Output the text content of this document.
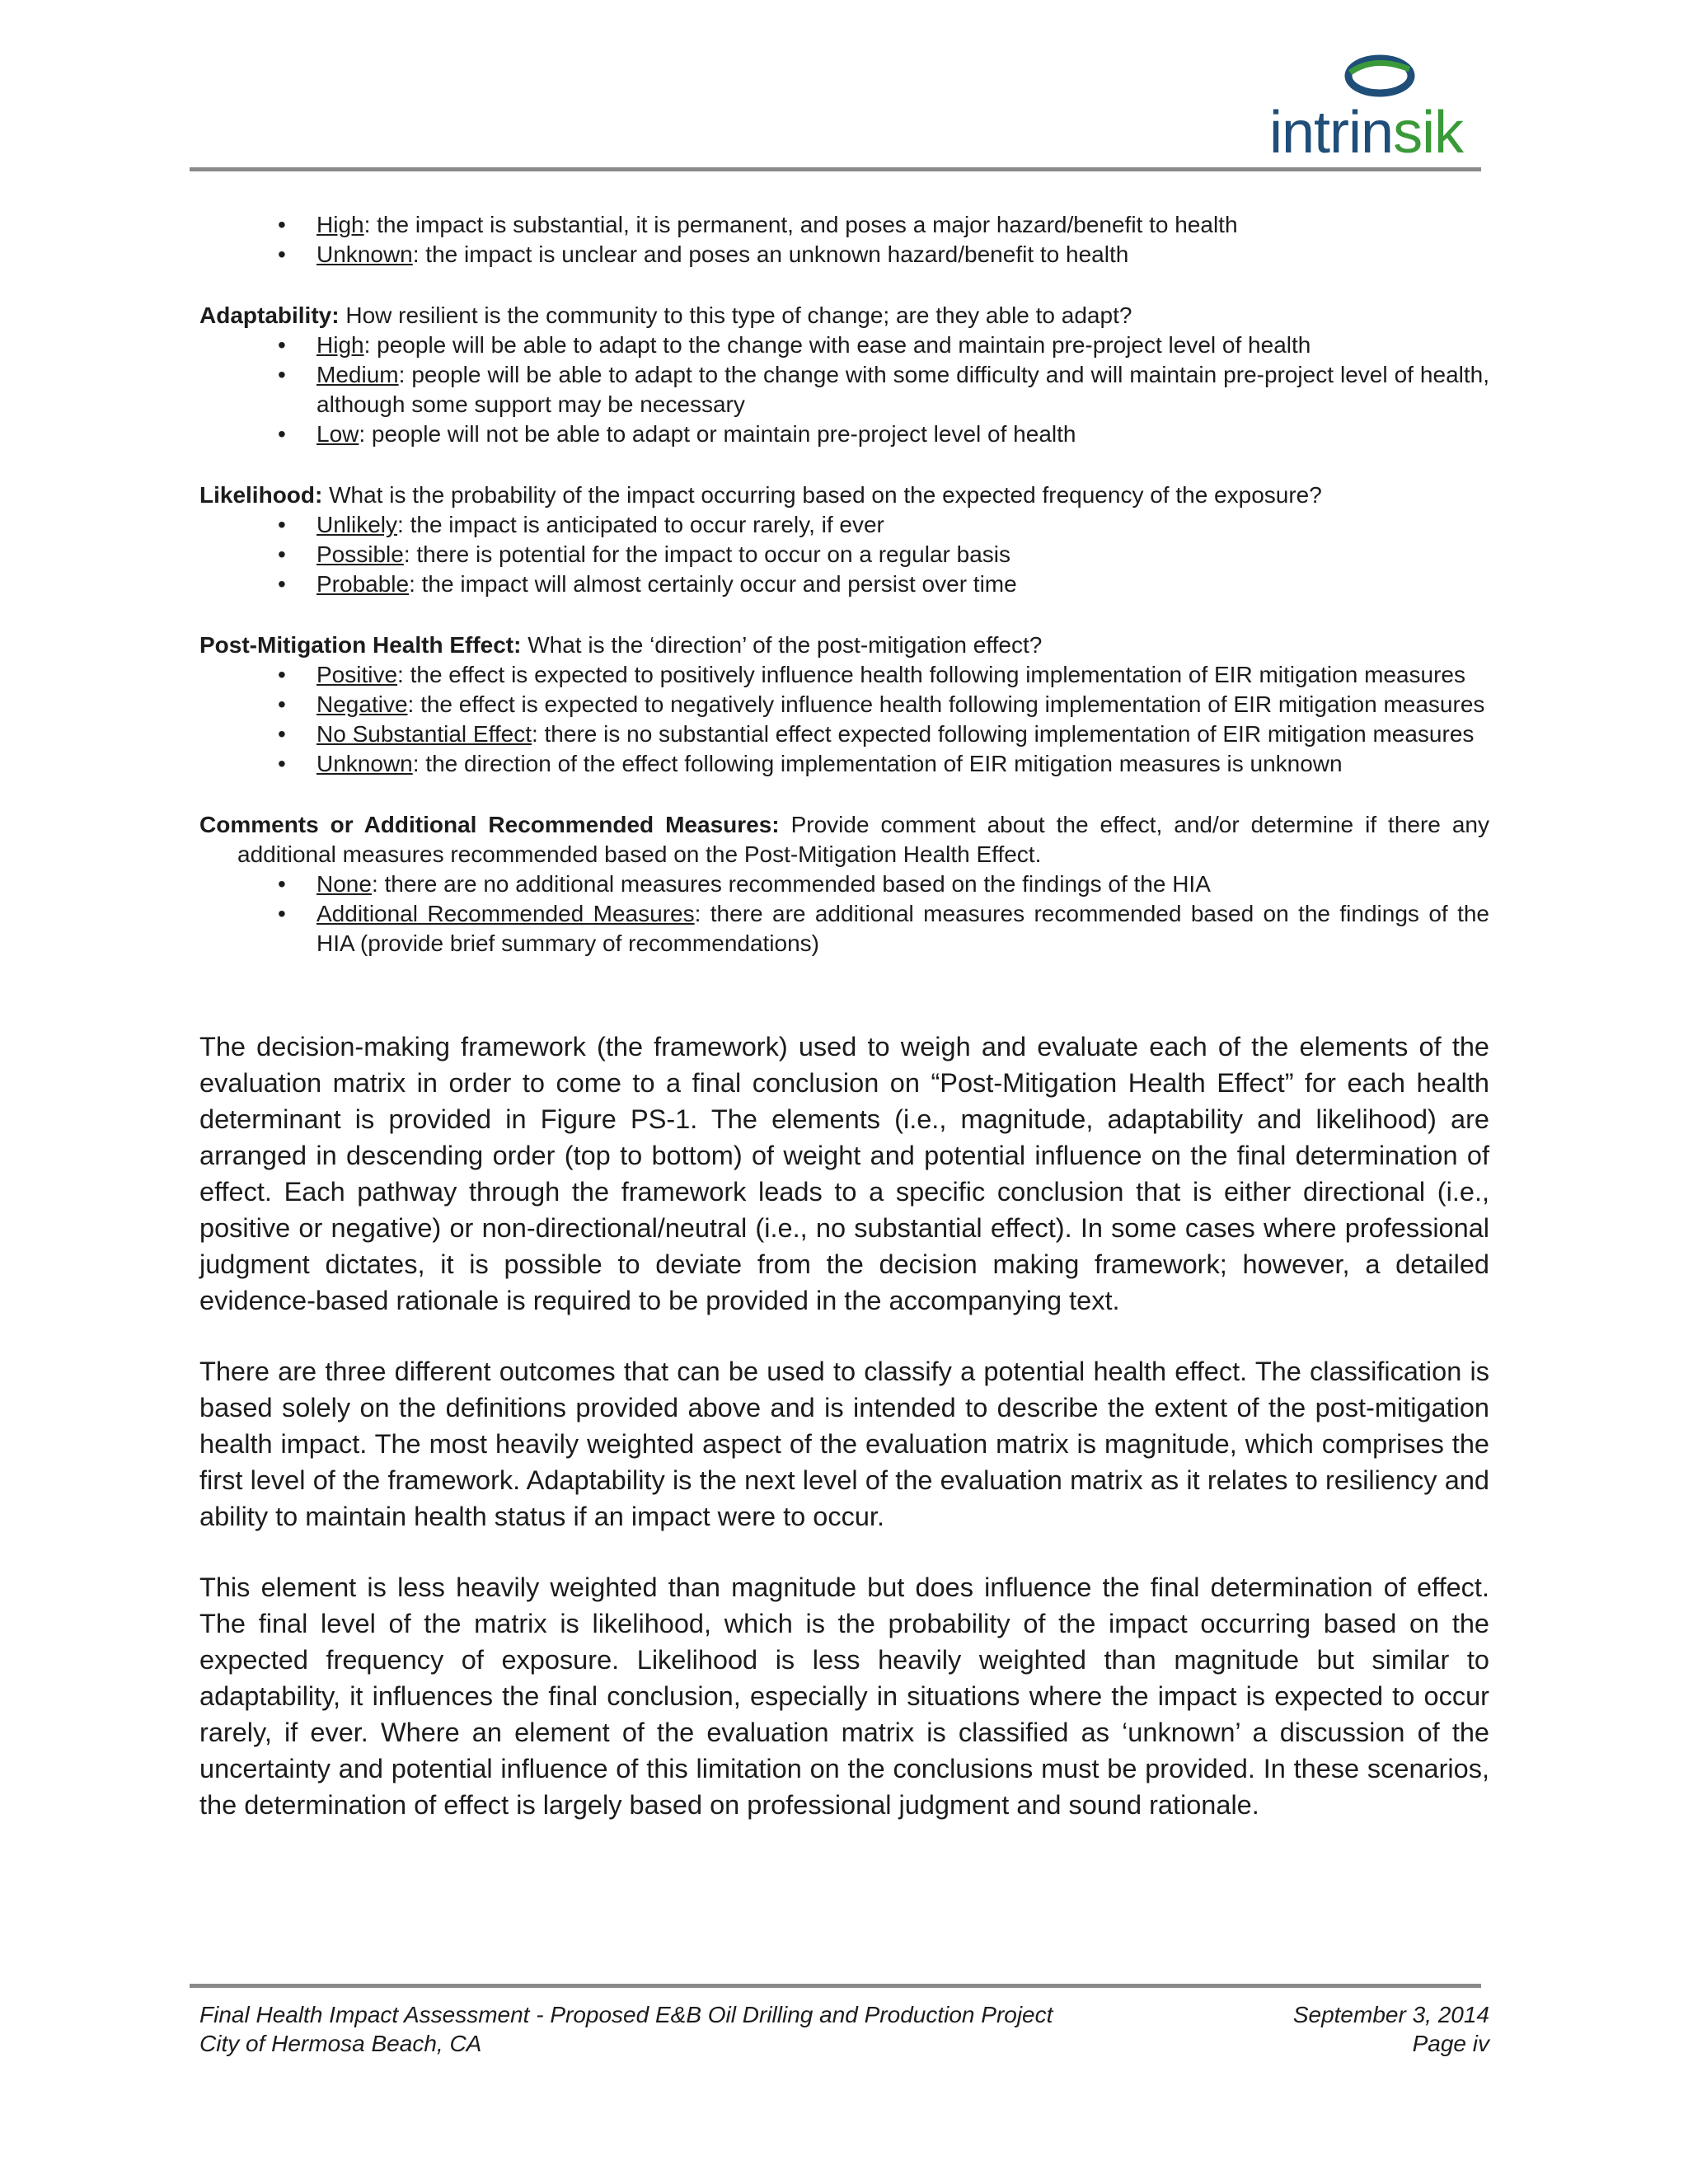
intrinsik
• High: the impact is substantial, it is permanent, and poses a major hazard/benefit to health
• Unknown: the impact is unclear and poses an unknown hazard/benefit to health
Adaptability: How resilient is the community to this type of change; are they able to adapt?
• High: people will be able to adapt to the change with ease and maintain pre-project level of health
• Medium: people will be able to adapt to the change with some difficulty and will maintain pre-project level of health, although some support may be necessary
• Low: people will not be able to adapt or maintain pre-project level of health
Likelihood: What is the probability of the impact occurring based on the expected frequency of the exposure?
• Unlikely: the impact is anticipated to occur rarely, if ever
• Possible: there is potential for the impact to occur on a regular basis
• Probable: the impact will almost certainly occur and persist over time
Post-Mitigation Health Effect: What is the ‘direction’ of the post-mitigation effect?
• Positive: the effect is expected to positively influence health following implementation of EIR mitigation measures
• Negative: the effect is expected to negatively influence health following implementation of EIR mitigation measures
• No Substantial Effect: there is no substantial effect expected following implementation of EIR mitigation measures
• Unknown: the direction of the effect following implementation of EIR mitigation measures is unknown
Comments or Additional Recommended Measures: Provide comment about the effect, and/or determine if there any additional measures recommended based on the Post-Mitigation Health Effect.
• None: there are no additional measures recommended based on the findings of the HIA
• Additional Recommended Measures: there are additional measures recommended based on the findings of the HIA (provide brief summary of recommendations)

The decision-making framework (the framework) used to weigh and evaluate each of the elements of the evaluation matrix in order to come to a final conclusion on “Post-Mitigation Health Effect” for each health determinant is provided in Figure PS-1. The elements (i.e., magnitude, adaptability and likelihood) are arranged in descending order (top to bottom) of weight and potential influence on the final determination of effect. Each pathway through the framework leads to a specific conclusion that is either directional (i.e., positive or negative) or non-directional/neutral (i.e., no substantial effect). In some cases where professional judgment dictates, it is possible to deviate from the decision making framework; however, a detailed evidence-based rationale is required to be provided in the accompanying text.

There are three different outcomes that can be used to classify a potential health effect. The classification is based solely on the definitions provided above and is intended to describe the extent of the post-mitigation health impact. The most heavily weighted aspect of the evaluation matrix is magnitude, which comprises the first level of the framework. Adaptability is the next level of the evaluation matrix as it relates to resiliency and ability to maintain health status if an impact were to occur.

This element is less heavily weighted than magnitude but does influence the final determination of effect. The final level of the matrix is likelihood, which is the probability of the impact occurring based on the expected frequency of exposure. Likelihood is less heavily weighted than magnitude but similar to adaptability, it influences the final conclusion, especially in situations where the impact is expected to occur rarely, if ever. Where an element of the evaluation matrix is classified as ‘unknown’ a discussion of the uncertainty and potential influence of this limitation on the conclusions must be provided. In these scenarios, the determination of effect is largely based on professional judgment and sound rationale.

Final Health Impact Assessment - Proposed E&B Oil Drilling and Production Project	September 3, 2014
City of Hermosa Beach, CA	Page iv
